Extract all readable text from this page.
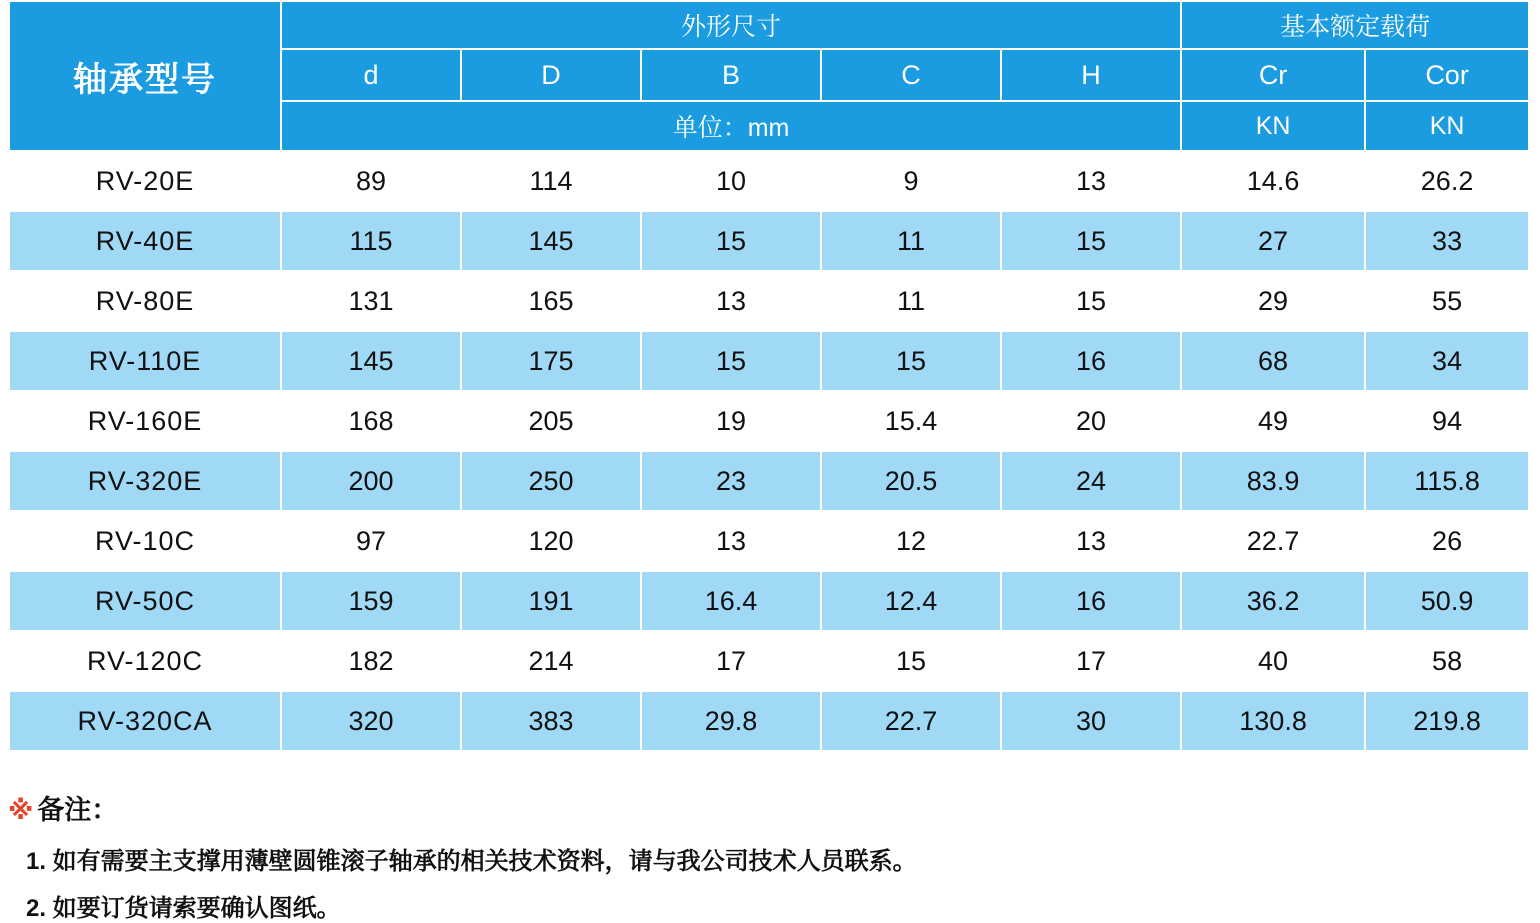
轴承型号	外形尺寸					基本额定载荷	
	d	D	B	C	H	Cr	Cor
	单位：mm					KN	KN
RV-20E	89	114	10	9	13	14.6	26.2
RV-40E	115	145	15	11	15	27	33
RV-80E	131	165	13	11	15	29	55
RV-110E	145	175	15	15	16	68	34
RV-160E	168	205	19	15.4	20	49	94
RV-320E	200	250	23	20.5	24	83.9	115.8
RV-10C	97	120	13	12	13	22.7	26
RV-50C	159	191	16.4	12.4	16	36.2	50.9
RV-120C	182	214	17	15	17	40	58
RV-320CA	320	383	29.8	22.7	30	130.8	219.8
※ 备注：
1. 如有需要主支撑用薄壁圆锥滚子轴承的相关技术资料，请与我公司技术人员联系。
2. 如要订货请索要确认图纸。
